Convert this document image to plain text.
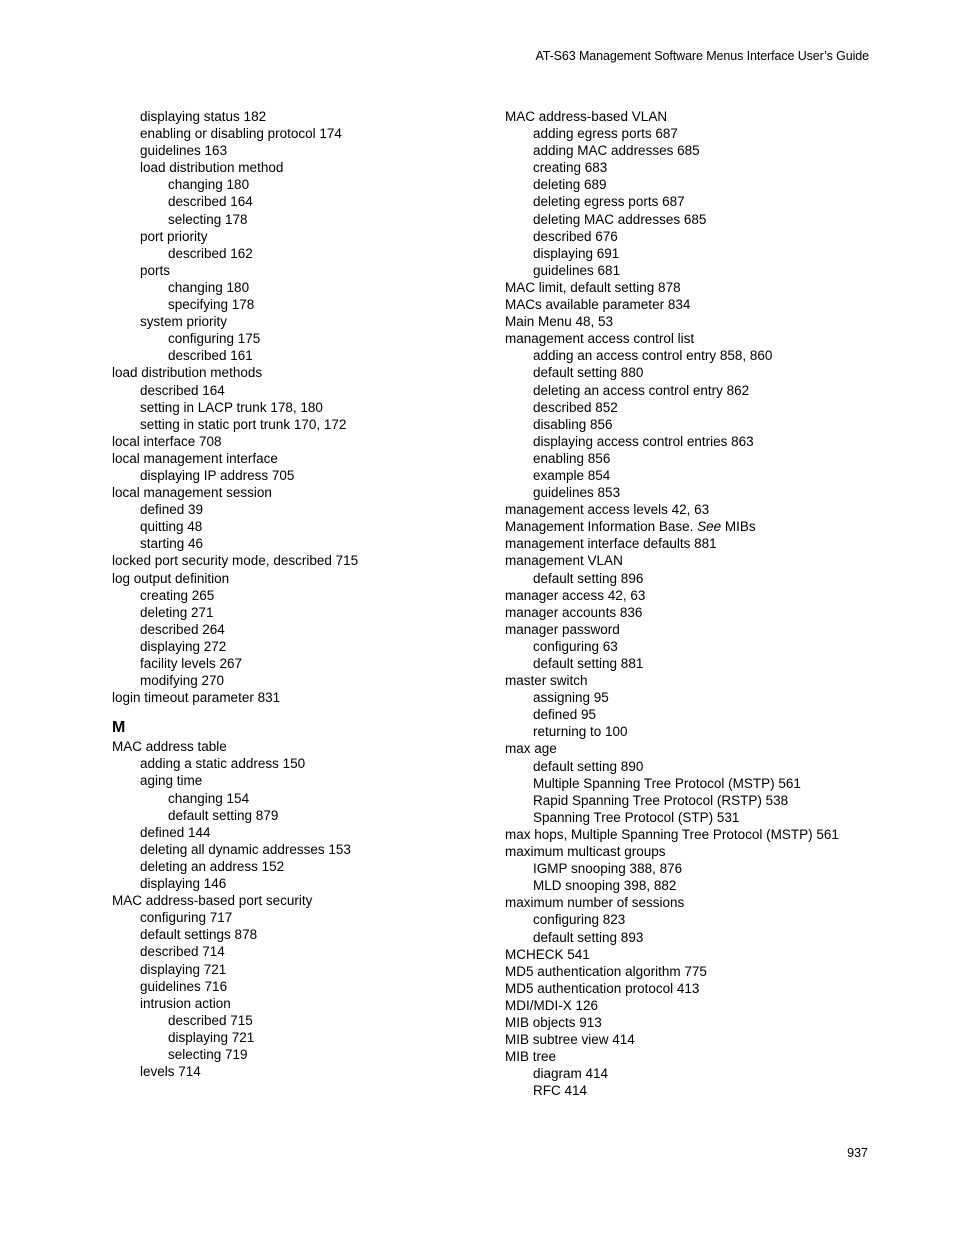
AT-S63 Management Software Menus Interface User’s Guide
displaying status 182
enabling or disabling protocol 174
guidelines 163
load distribution method
changing 180
described 164
selecting 178
port priority
described 162
ports
changing 180
specifying 178
system priority
configuring 175
described 161
load distribution methods
described 164
setting in LACP trunk 178, 180
setting in static port trunk 170, 172
local interface 708
local management interface
displaying IP address 705
local management session
defined 39
quitting 48
starting 46
locked port security mode, described 715
log output definition
creating 265
deleting 271
described 264
displaying 272
facility levels 267
modifying 270
login timeout parameter 831
M
MAC address table
adding a static address 150
aging time
changing 154
default setting 879
defined 144
deleting all dynamic addresses 153
deleting an address 152
displaying 146
MAC address-based port security
configuring 717
default settings 878
described 714
displaying 721
guidelines 716
intrusion action
described 715
displaying 721
selecting 719
levels 714
MAC address-based VLAN
adding egress ports 687
adding MAC addresses 685
creating 683
deleting 689
deleting egress ports 687
deleting MAC addresses 685
described 676
displaying 691
guidelines 681
MAC limit, default setting 878
MACs available parameter 834
Main Menu 48, 53
management access control list
adding an access control entry 858, 860
default setting 880
deleting an access control entry 862
described 852
disabling 856
displaying access control entries 863
enabling 856
example 854
guidelines 853
management access levels 42, 63
Management Information Base. See MIBs
management interface defaults 881
management VLAN
default setting 896
manager access 42, 63
manager accounts 836
manager password
configuring 63
default setting 881
master switch
assigning 95
defined 95
returning to 100
max age
default setting 890
Multiple Spanning Tree Protocol (MSTP) 561
Rapid Spanning Tree Protocol (RSTP) 538
Spanning Tree Protocol (STP) 531
max hops, Multiple Spanning Tree Protocol (MSTP) 561
maximum multicast groups
IGMP snooping 388, 876
MLD snooping 398, 882
maximum number of sessions
configuring 823
default setting 893
MCHECK 541
MD5 authentication algorithm 775
MD5 authentication protocol 413
MDI/MDI-X 126
MIB objects 913
MIB subtree view 414
MIB tree
diagram 414
RFC 414
937
